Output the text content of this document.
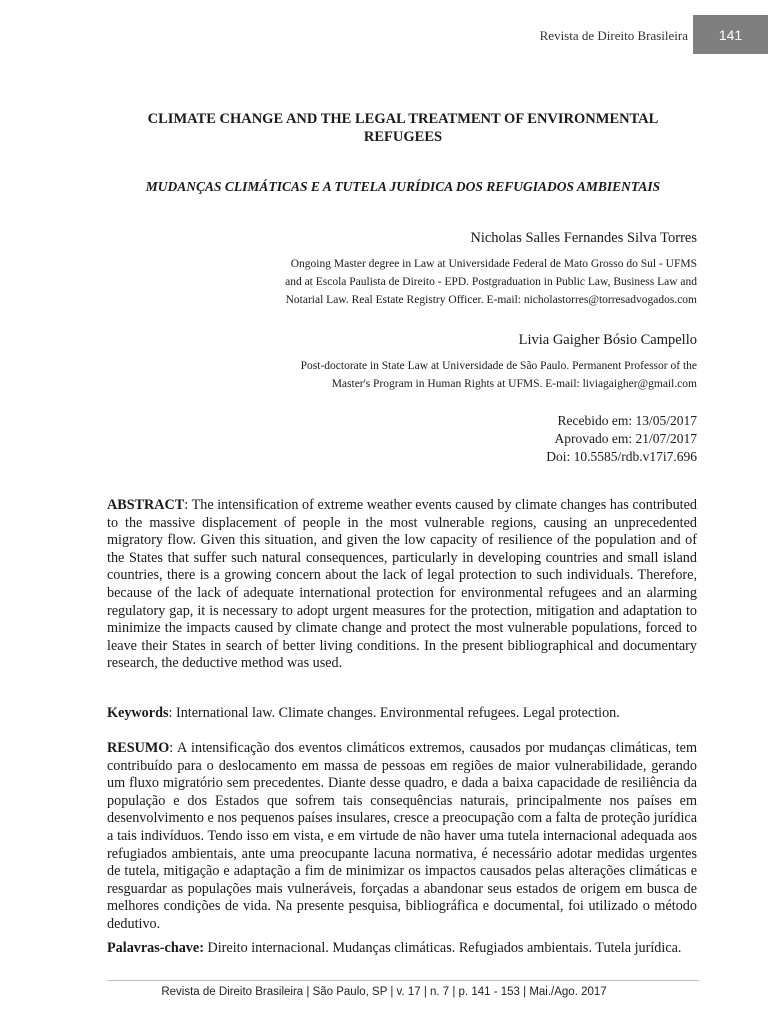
Revista de Direito Brasileira	141
CLIMATE CHANGE AND THE LEGAL TREATMENT OF ENVIRONMENTAL REFUGEES
MUDANÇAS CLIMÁTICAS E A TUTELA JURÍDICA DOS REFUGIADOS AMBIENTAIS
Nicholas Salles Fernandes Silva Torres
Ongoing Master degree in Law at Universidade Federal de Mato Grosso do Sul - UFMS
and at Escola Paulista de Direito - EPD. Postgraduation in Public Law, Business Law and
Notarial Law. Real Estate Registry Officer. E-mail: nicholastorres@torresadvogados.com
Livia Gaigher Bósio Campello
Post-doctorate in State Law at Universidade de São Paulo. Permanent Professor of the
Master's Program in Human Rights at UFMS. E-mail: liviagaigher@gmail.com
Recebido em: 13/05/2017
Aprovado em: 21/07/2017
Doi: 10.5585/rdb.v17i7.696
ABSTRACT: The intensification of extreme weather events caused by climate changes has contributed to the massive displacement of people in the most vulnerable regions, causing an unprecedented migratory flow. Given this situation, and given the low capacity of resilience of the population and of the States that suffer such natural consequences, particularly in developing countries and small island countries, there is a growing concern about the lack of legal protection to such individuals. Therefore, because of the lack of adequate international protection for environmental refugees and an alarming regulatory gap, it is necessary to adopt urgent measures for the protection, mitigation and adaptation to minimize the impacts caused by climate change and protect the most vulnerable populations, forced to leave their States in search of better living conditions. In the present bibliographical and documentary research, the deductive method was used.
Keywords: International law. Climate changes. Environmental refugees. Legal protection.
RESUMO: A intensificação dos eventos climáticos extremos, causados por mudanças climáticas, tem contribuído para o deslocamento em massa de pessoas em regiões de maior vulnerabilidade, gerando um fluxo migratório sem precedentes. Diante desse quadro, e dada a baixa capacidade de resiliência da população e dos Estados que sofrem tais consequências naturais, principalmente nos países em desenvolvimento e nos pequenos países insulares, cresce a preocupação com a falta de proteção jurídica a tais indivíduos. Tendo isso em vista, e em virtude de não haver uma tutela internacional adequada aos refugiados ambientais, ante uma preocupante lacuna normativa, é necessário adotar medidas urgentes de tutela, mitigação e adaptação a fim de minimizar os impactos causados pelas alterações climáticas e resguardar as populações mais vulneráveis, forçadas a abandonar seus estados de origem em busca de melhores condições de vida. Na presente pesquisa, bibliográfica e documental, foi utilizado o método dedutivo.
Palavras-chave: Direito internacional. Mudanças climáticas. Refugiados ambientais. Tutela jurídica.
Revista de Direito Brasileira | São Paulo, SP | v. 17 | n. 7 | p. 141 - 153 | Mai./Ago. 2017
